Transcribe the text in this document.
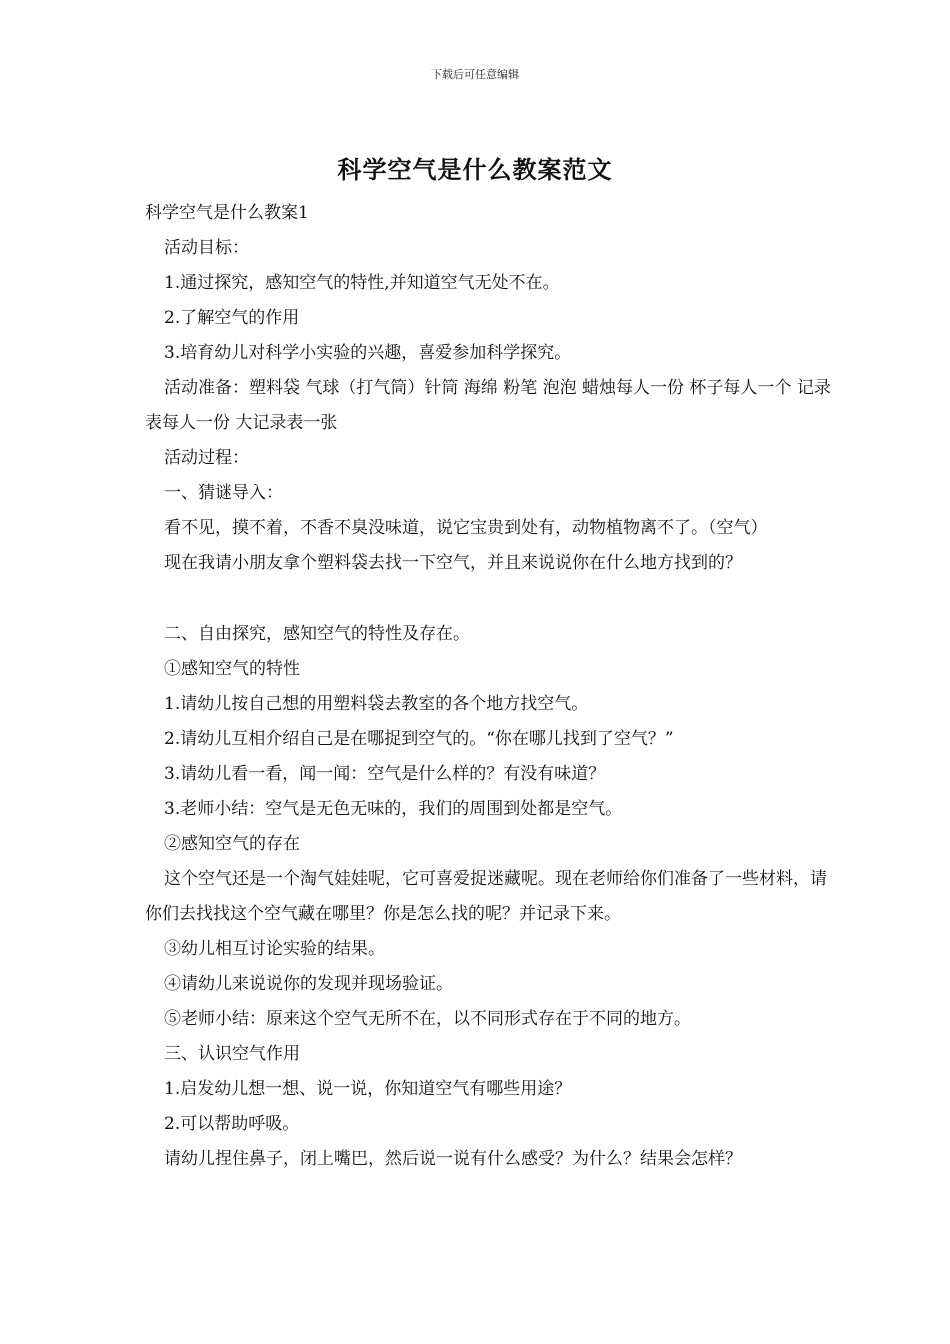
下载后可任意编辑
科学空气是什么教案范文
科学空气是什么教案1
活动目标：
1.通过探究，感知空气的特性,并知道空气无处不在。
2.了解空气的作用
3.培育幼儿对科学小实验的兴趣，喜爱参加科学探究。
活动准备：塑料袋 气球（打气筒）针筒 海绵 粉笔 泡泡 蜡烛每人一份 杯子每人一个 记录表每人一份 大记录表一张
活动过程：
一、猜谜导入：
看不见，摸不着，不香不臭没味道，说它宝贵到处有，动物植物离不了。（空气）
现在我请小朋友拿个塑料袋去找一下空气，并且来说说你在什么地方找到的？
二、自由探究，感知空气的特性及存在。
①感知空气的特性
1.请幼儿按自己想的用塑料袋去教室的各个地方找空气。
2.请幼儿互相介绍自己是在哪捉到空气的。“你在哪儿找到了空气？”
3.请幼儿看一看，闻一闻：空气是什么样的？有没有味道？
3.老师小结：空气是无色无味的，我们的周围到处都是空气。
②感知空气的存在
这个空气还是一个淘气娃娃呢，它可喜爱捉迷藏呢。现在老师给你们准备了一些材料，请你们去找找这个空气藏在哪里？你是怎么找的呢？并记录下来。
③幼儿相互讨论实验的结果。
④请幼儿来说说你的发现并现场验证。
⑤老师小结：原来这个空气无所不在，以不同形式存在于不同的地方。
三、认识空气作用
1.启发幼儿想一想、说一说，你知道空气有哪些用途？
2.可以帮助呼吸。
请幼儿捏住鼻子，闭上嘴巴，然后说一说有什么感受？为什么？结果会怎样？
